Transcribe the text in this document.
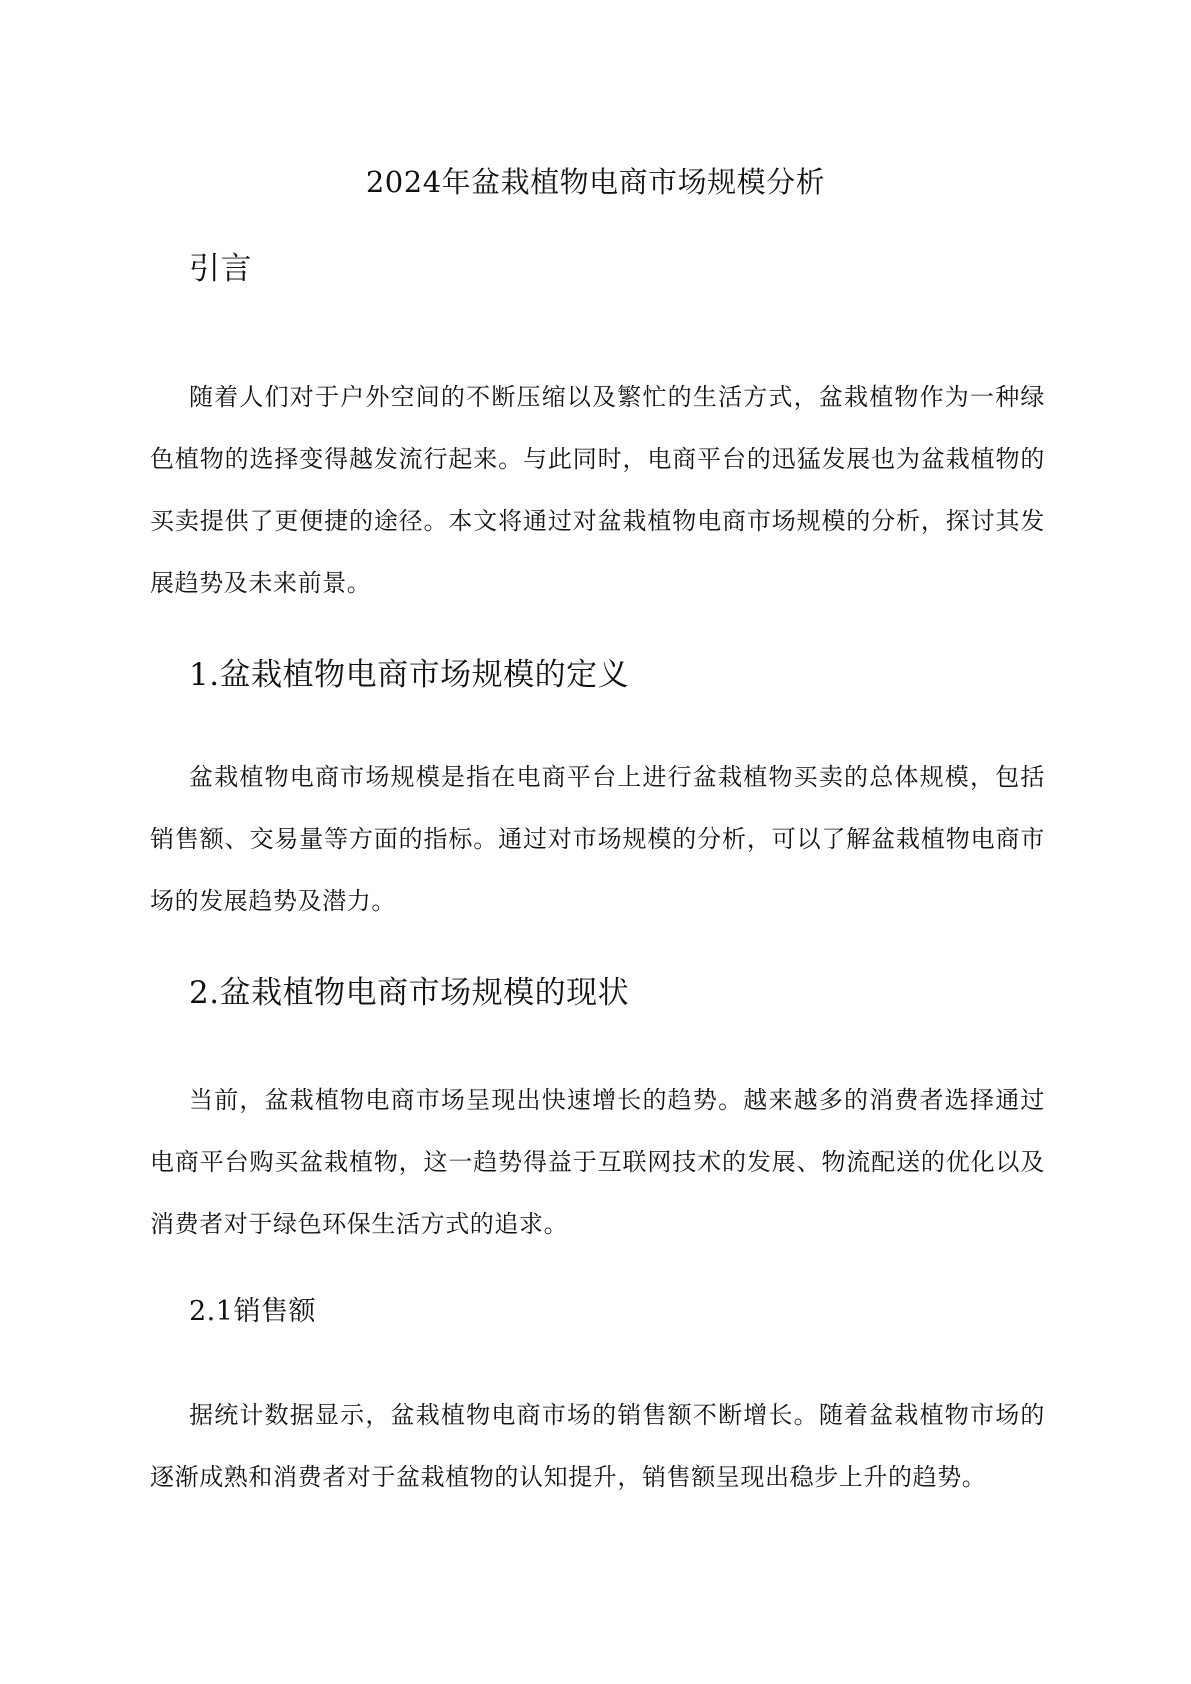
2024年盆栽植物电商市场规模分析
引言

随着人们对于户外空间的不断压缩以及繁忙的生活方式，盆栽植物作为一种绿色植物的选择变得越发流行起来。与此同时，电商平台的迅猛发展也为盆栽植物的买卖提供了更便捷的途径。本文将通过对盆栽植物电商市场规模的分析，探讨其发展趋势及未来前景。

1.盆栽植物电商市场规模的定义

盆栽植物电商市场规模是指在电商平台上进行盆栽植物买卖的总体规模，包括销售额、交易量等方面的指标。通过对市场规模的分析，可以了解盆栽植物电商市场的发展趋势及潜力。

2.盆栽植物电商市场规模的现状

当前，盆栽植物电商市场呈现出快速增长的趋势。越来越多的消费者选择通过电商平台购买盆栽植物，这一趋势得益于互联网技术的发展、物流配送的优化以及消费者对于绿色环保生活方式的追求。

2.1销售额

据统计数据显示，盆栽植物电商市场的销售额不断增长。随着盆栽植物市场的逐渐成熟和消费者对于盆栽植物的认知提升，销售额呈现出稳步上升的趋势。
